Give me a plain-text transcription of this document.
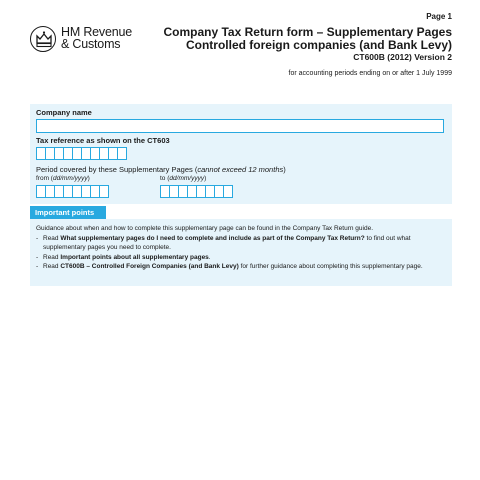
Page 1
HM Revenue
& Customs
Company Tax Return form – Supplementary Pages
Controlled foreign companies (and Bank Levy)
CT600B (2012) Version 2
for accounting periods ending on or after 1 July 1999
Company name
Tax reference as shown on the CT603
Period covered by these Supplementary Pages (cannot exceed 12 months)
from (dd/mm/yyyy)	to (dd/mm/yyyy)
Important points
Guidance about when and how to complete this supplementary page can be found in the Company Tax Return guide.
- Read What supplementary pages do I need to complete and include as part of the Company Tax Return? to find out what supplementary pages you need to complete.
- Read Important points about all supplementary pages.
- Read CT600B – Controlled Foreign Companies (and Bank Levy) for further guidance about completing this supplementary page.
